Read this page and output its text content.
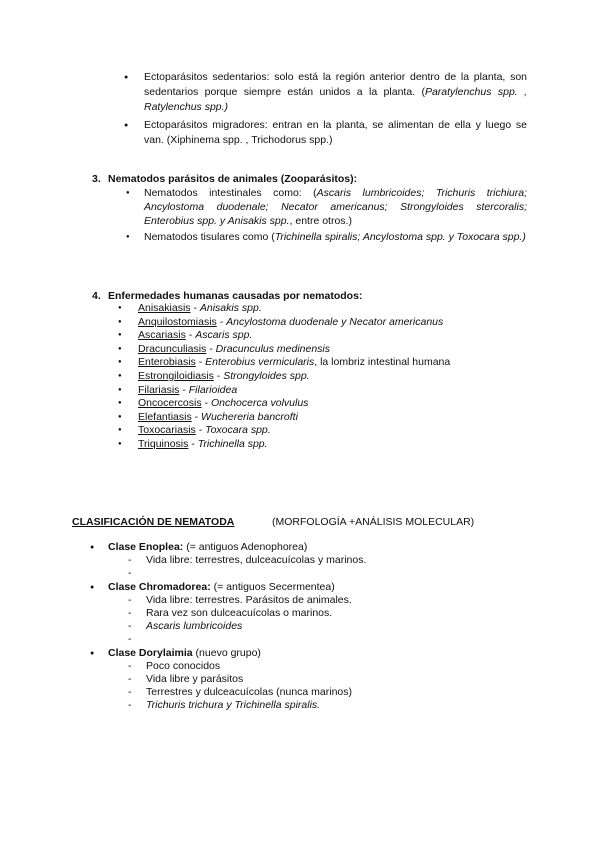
● Ectoparásitos sedentarios: solo está la región anterior dentro de la planta, son sedentarios porque siempre están unidos a la planta. (Paratylenchus spp. , Ratylenchus spp.)
● Ectoparásitos migradores: entran en la planta, se alimentan de ella y luego se van. (Xiphinema spp. , Trichodorus spp.)
3. Nematodos parásitos de animales (Zooparásitos):
● Nematodos intestinales como: (Ascaris lumbricoides; Trichuris trichiura; Ancylostoma duodenale; Necator americanus; Strongyloides stercoralis; Enterobius spp. y Anisakis spp., entre otros.)
● Nematodos tisulares como (Trichinella spiralis; Ancylostoma spp. y Toxocara spp.)
4. Enfermedades humanas causadas por nematodos:
● Anisakiasis - Anisakis spp.
● Anquilostomiasis - Ancylostoma duodenale y Necator americanus
● Ascariasis - Ascaris spp.
● Dracunculiasis - Dracunculus medinensis
● Enterobiasis - Enterobius vermicularis, la lombriz intestinal humana
● Estrongiloidiasis - Strongyloides spp.
● Filariasis - Filarioidea
● Oncocercosis - Onchocerca volvulus
● Elefantiasis - Wuchereria bancrofti
● Toxocariasis - Toxocara spp.
● Triquinosis - Trichinella spp.
CLASIFICACIÓN DE NEMATODA	(MORFOLOGÍA +ANÁLISIS MOLECULAR)
● Clase Enoplea: (= antiguos Adenophorea)
- Vida libre: terrestres, dulceacuícolas y marinos.
-
● Clase Chromadorea: (= antiguos Secermentea)
- Vida libre: terrestres. Parásitos de animales.
- Rara vez son dulceacuícolas o marinos.
- Ascaris lumbricoides
-
● Clase Dorylaimia (nuevo grupo)
- Poco conocidos
- Vida libre y parásitos
- Terrestres y dulceacuícolas (nunca marinos)
- Trichuris trichura y Trichinella spiralis.
